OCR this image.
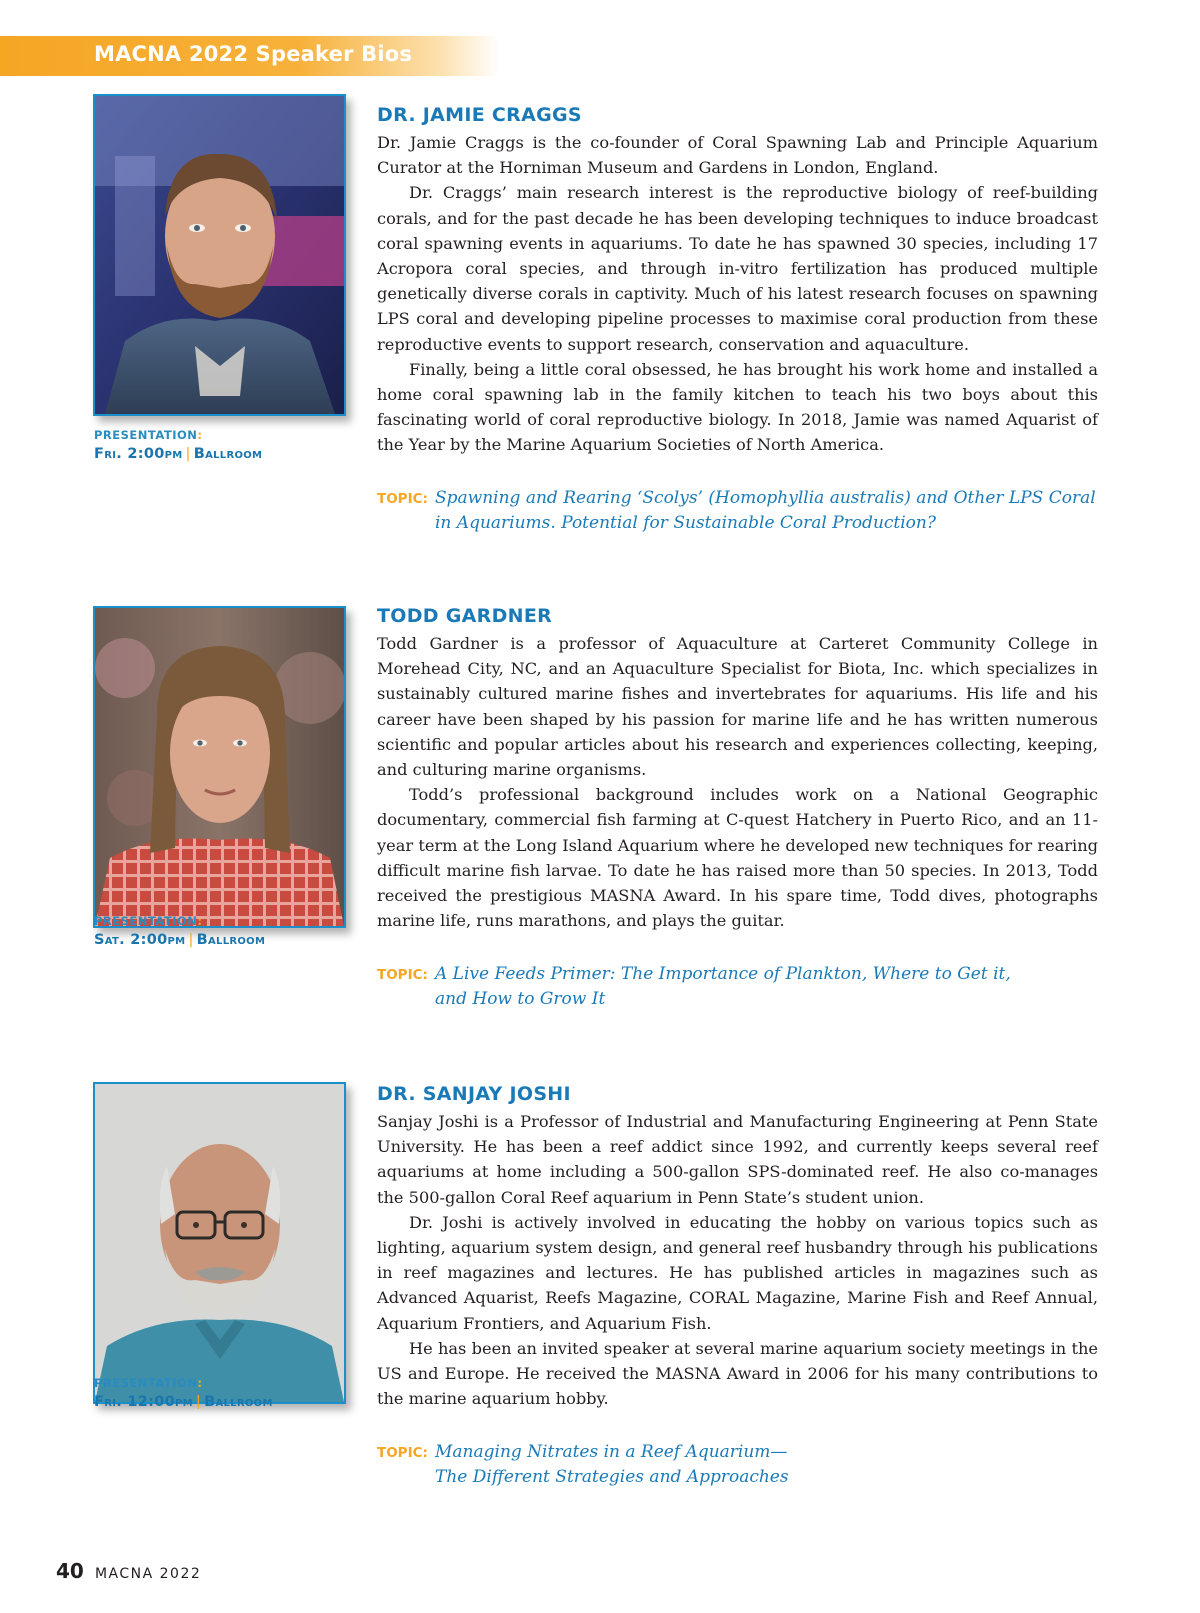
MACNA 2022 Speaker Bios
PRESENTATION:
Fri. 2:00pm | Ballroom
DR. JAMIE CRAGGS

Dr. Jamie Craggs is the co-founder of Coral Spawning Lab and Principle Aquarium Curator at the Horniman Museum and Gardens in London, England.

Dr. Craggs’ main research interest is the reproductive biology of reef-building corals, and for the past decade he has been developing techniques to induce broadcast coral spawning events in aquariums. To date he has spawned 30 species, including 17 Acropora coral species, and through in-vitro fertilization has produced multiple genetically diverse corals in captivity. Much of his latest research focuses on spawning LPS coral and developing pipeline processes to maximise coral production from these reproductive events to support research, conservation and aquaculture.

Finally, being a little coral obsessed, he has brought his work home and installed a home coral spawning lab in the family kitchen to teach his two boys about this fascinating world of coral reproductive biology. In 2018, Jamie was named Aquarist of the Year by the Marine Aquarium Societies of North America.

TOPIC: Spawning and Rearing ‘Scolys’ (Homophyllia australis) and Other LPS Coral
in Aquariums. Potential for Sustainable Coral Production?
PRESENTATION:
Sat. 2:00pm | Ballroom
TODD GARDNER

Todd Gardner is a professor of Aquaculture at Carteret Community College in Morehead City, NC, and an Aquaculture Specialist for Biota, Inc. which specializes in sustainably cultured marine fishes and invertebrates for aquariums. His life and his career have been shaped by his passion for marine life and he has written numerous scientific and popular articles about his research and experiences collecting, keeping, and culturing marine organisms.

Todd’s professional background includes work on a National Geographic documentary, commercial fish farming at C-quest Hatchery in Puerto Rico, and an 11-year term at the Long Island Aquarium where he developed new techniques for rearing difficult marine fish larvae. To date he has raised more than 50 species. In 2013, Todd received the prestigious MASNA Award. In his spare time, Todd dives, photographs marine life, runs marathons, and plays the guitar.

TOPIC: A Live Feeds Primer: The Importance of Plankton, Where to Get it,
and How to Grow It
PRESENTATION:
Fri. 12:00pm | Ballroom
DR. SANJAY JOSHI

Sanjay Joshi is a Professor of Industrial and Manufacturing Engineering at Penn State University. He has been a reef addict since 1992, and currently keeps several reef aquariums at home including a 500-gallon SPS-dominated reef. He also co-manages the 500-gallon Coral Reef aquarium in Penn State’s student union.

Dr. Joshi is actively involved in educating the hobby on various topics such as lighting, aquarium system design, and general reef husbandry through his publications in reef magazines and lectures. He has published articles in magazines such as Advanced Aquarist, Reefs Magazine, CORAL Magazine, Marine Fish and Reef Annual, Aquarium Frontiers, and Aquarium Fish.

He has been an invited speaker at several marine aquarium society meetings in the US and Europe. He received the MASNA Award in 2006 for his many contributions to the marine aquarium hobby.

TOPIC: Managing Nitrates in a Reef Aquarium—
The Different Strategies and Approaches
40 MACNA 2022
